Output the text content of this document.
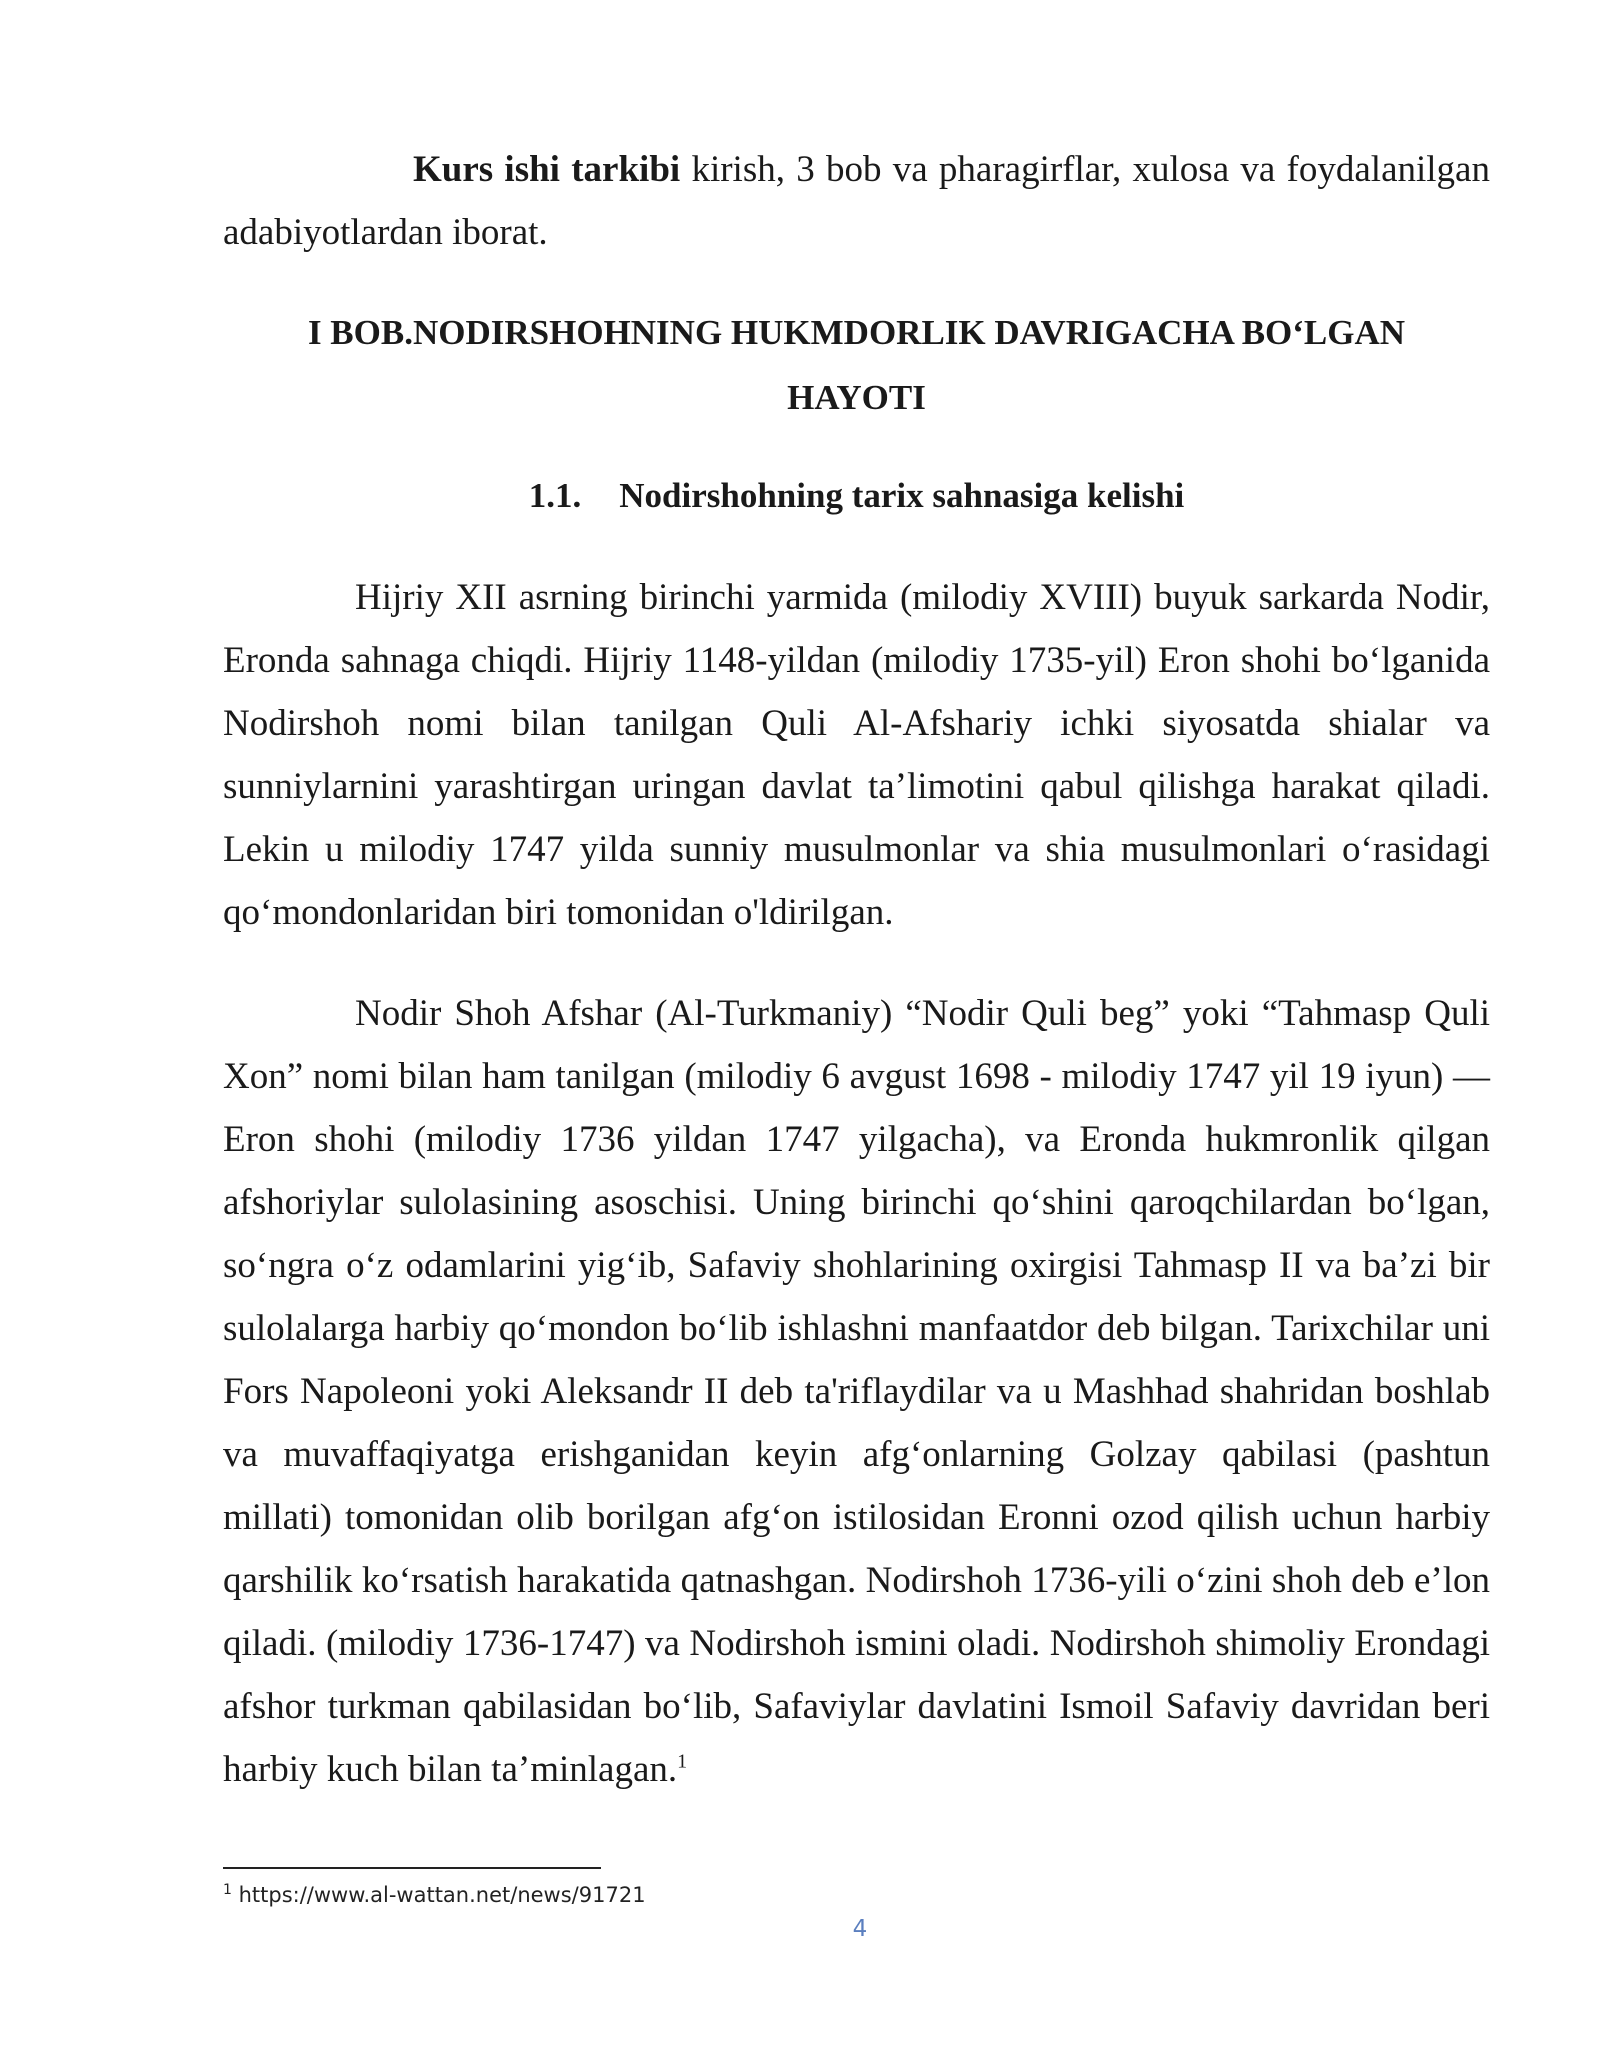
Kurs ishi tarkibi kirish, 3 bob va pharagirflar, xulosa va foydalanilgan adabiyotlardan iborat.

I BOB.NODIRSHOHNING HUKMDORLIK DAVRIGACHA BO‘LGAN
HAYOTI
1.1. Nodirshohning tarix sahnasiga kelishi

Hijriy XII asrning birinchi yarmida (milodiy XVIII) buyuk sarkarda Nodir, Eronda sahnaga chiqdi. Hijriy 1148-yildan (milodiy 1735-yil) Eron shohi bo‘lganida Nodirshoh nomi bilan tanilgan Quli Al-Afshariy ichki siyosatda shialar va sunniylarnini yarashtirgan uringan davlat ta’limotini qabul qilishga harakat qiladi. Lekin u milodiy 1747 yilda sunniy musulmonlar va shia musulmonlari o‘rasidagi qo‘mondonlaridan biri tomonidan o'ldirilgan.

Nodir Shoh Afshar (Al-Turkmaniy) “Nodir Quli beg” yoki “Tahmasp Quli Xon” nomi bilan ham tanilgan (milodiy 6 avgust 1698 - milodiy 1747 yil 19 iyun) — Eron shohi (milodiy 1736 yildan 1747 yilgacha), va Eronda hukmronlik qilgan afshoriylar sulolasining asoschisi. Uning birinchi qo‘shini qaroqchilardan bo‘lgan, so‘ngra o‘z odamlarini yig‘ib, Safaviy shohlarining oxirgisi Tahmasp II va ba’zi bir sulolalarga harbiy qo‘mondon bo‘lib ishlashni manfaatdor deb bilgan. Tarixchilar uni Fors Napoleoni yoki Aleksandr II deb ta'riflaydilar va u Mashhad shahridan boshlab va muvaffaqiyatga erishganidan keyin afg‘onlarning Golzay qabilasi (pashtun millati) tomonidan olib borilgan afg‘on istilosidan Eronni ozod qilish uchun harbiy qarshilik ko‘rsatish harakatida qatnashgan. Nodirshoh 1736-yili o‘zini shoh deb e’lon qiladi. (milodiy 1736-1747) va Nodirshoh ismini oladi. Nodirshoh shimoliy Erondagi afshor turkman qabilasidan bo‘lib, Safaviylar davlatini Ismoil Safaviy davridan beri harbiy kuch bilan ta’minlagan.$^1$

$^1$ https://www.al-wattan.net/news/91721
4
